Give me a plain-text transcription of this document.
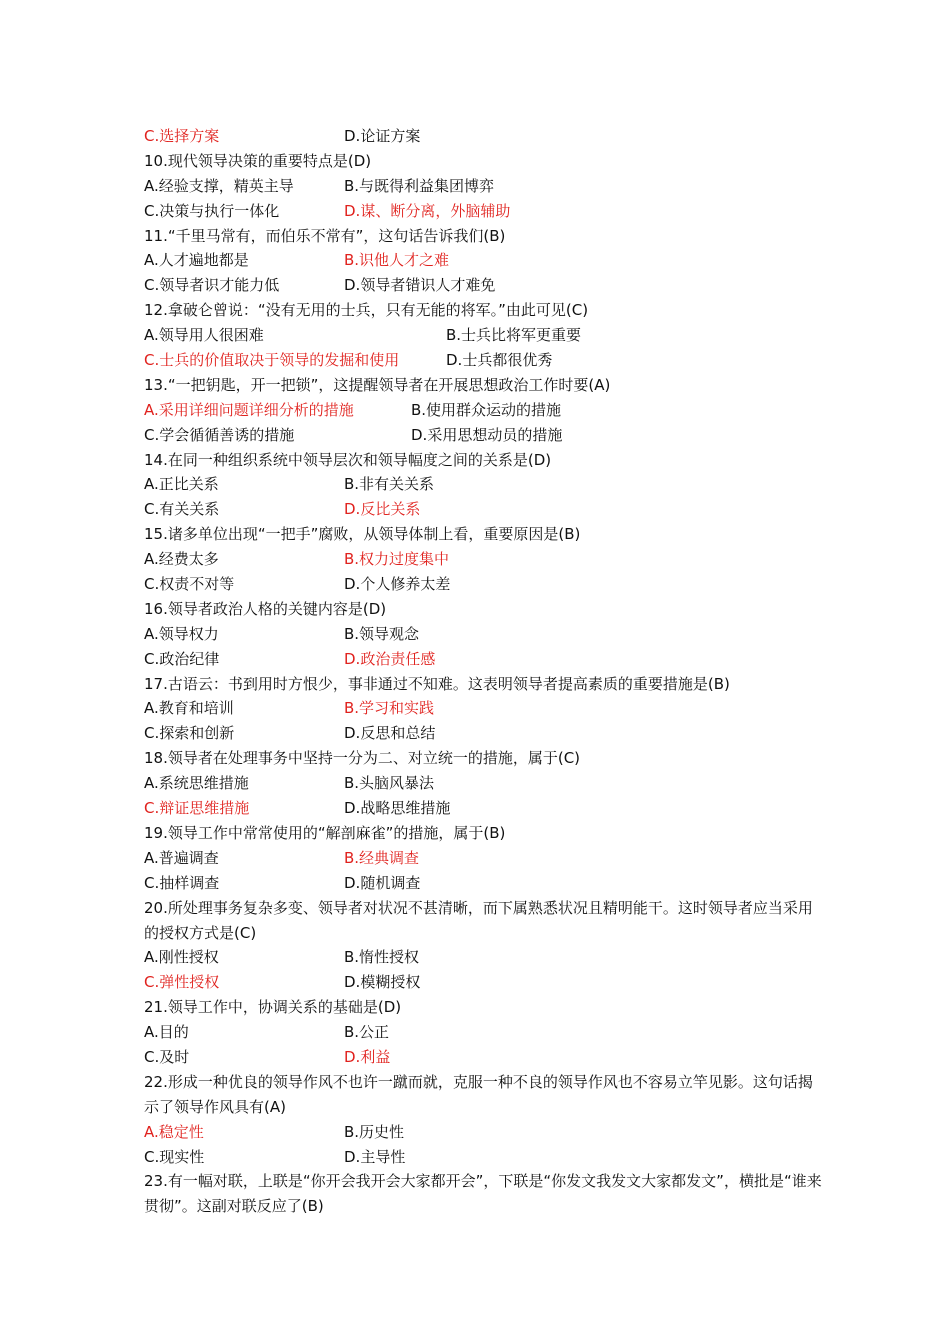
C.选择方案	D.论证方案
10.现代领导决策的重要特点是(D)
A.经验支撑，精英主导	B.与既得利益集团博弈
C.决策与执行一体化	D.谋、断分离，外脑辅助
11.“千里马常有，而伯乐不常有”，这句话告诉我们(B)
A.人才遍地都是	B.识他人才之难
C.领导者识才能力低	D.领导者错识人才难免
12.拿破仑曾说：“没有无用的士兵，只有无能的将军。”由此可见(C)
A.领导用人很困难	B.士兵比将军更重要
C.士兵的价值取决于领导的发掘和使用	D.士兵都很优秀
13.“一把钥匙，开一把锁”，这提醒领导者在开展思想政治工作时要(A)
A.采用详细问题详细分析的措施	B.使用群众运动的措施
C.学会循循善诱的措施	D.采用思想动员的措施
14.在同一种组织系统中领导层次和领导幅度之间的关系是(D)
A.正比关系	B.非有关关系
C.有关关系	D.反比关系
15.诸多单位出现“一把手”腐败，从领导体制上看，重要原因是(B)
A.经费太多	B.权力过度集中
C.权责不对等	D.个人修养太差
16.领导者政治人格的关键内容是(D)
A.领导权力	B.领导观念
C.政治纪律	D.政治责任感
17.古语云：书到用时方恨少，事非通过不知难。这表明领导者提高素质的重要措施是(B)
A.教育和培训	B.学习和实践
C.探索和创新	D.反思和总结
18.领导者在处理事务中坚持一分为二、对立统一的措施，属于(C)
A.系统思维措施	B.头脑风暴法
C.辩证思维措施	D.战略思维措施
19.领导工作中常常使用的“解剖麻雀”的措施，属于(B)
A.普遍调查	B.经典调查
C.抽样调查	D.随机调查
20.所处理事务复杂多变、领导者对状况不甚清晰，而下属熟悉状况且精明能干。这时领导者应当采用的授权方式是(C)
A.刚性授权	B.惰性授权
C.弹性授权	D.模糊授权
21.领导工作中，协调关系的基础是(D)
A.目的	B.公正
C.及时	D.利益
22.形成一种优良的领导作风不也许一蹴而就，克服一种不良的领导作风也不容易立竿见影。这句话揭示了领导作风具有(A)
A.稳定性	B.历史性
C.现实性	D.主导性
23.有一幅对联，上联是“你开会我开会大家都开会”，下联是“你发文我发文大家都发文”，横批是“谁来贯彻”。这副对联反应了(B)
